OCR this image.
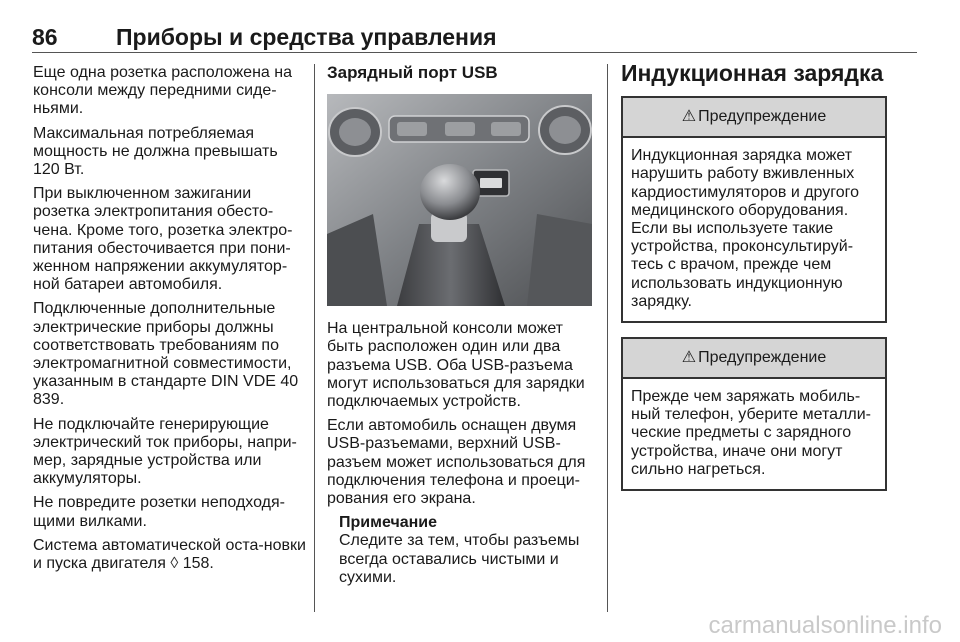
86	Приборы и средства управления

Еще одна розетка расположена на консоли между передними сиде-ньями.

Максимальная потребляемая мощность не должна превышать 120 Вт.

При выключенном зажигании розетка электропитания обесто-чена. Кроме того, розетка электро-питания обесточивается при пони-женном напряжении аккумулятор-ной батареи автомобиля.

Подключенные дополнительные электрические приборы должны соответствовать требованиям по электромагнитной совместимости, указанным в стандарте DIN VDE 40 839.

Не подключайте генерирующие электрический ток приборы, напри-мер, зарядные устройства или аккумуляторы.

Не повредите розетки неподходя-щими вилками.

Система автоматической оста-новки и пуска двигателя ◊ 158.

Зарядный порт USB

На центральной консоли может быть расположен один или два разъема USB. Оба USB-разъема могут использоваться для зарядки подключаемых устройств.

Если автомобиль оснащен двумя USB-разъемами, верхний USB-разъем может использоваться для подключения телефона и проеци-рования его экрана.

Примечание
Следите за тем, чтобы разъемы всегда оставались чистыми и сухими.
Индукционная зарядка
⚠ Предупреждение
Индукционная зарядка может нарушить работу вживленных кардиостимуляторов и другого медицинского оборудования. Если вы используете такие устройства, проконсультируй-тесь с врачом, прежде чем использовать индукционную зарядку.
⚠ Предупреждение
Прежде чем заряжать мобиль-ный телефон, уберите металли-ческие предметы с зарядного устройства, иначе они могут сильно нагреться.
carmanualsonline.info
